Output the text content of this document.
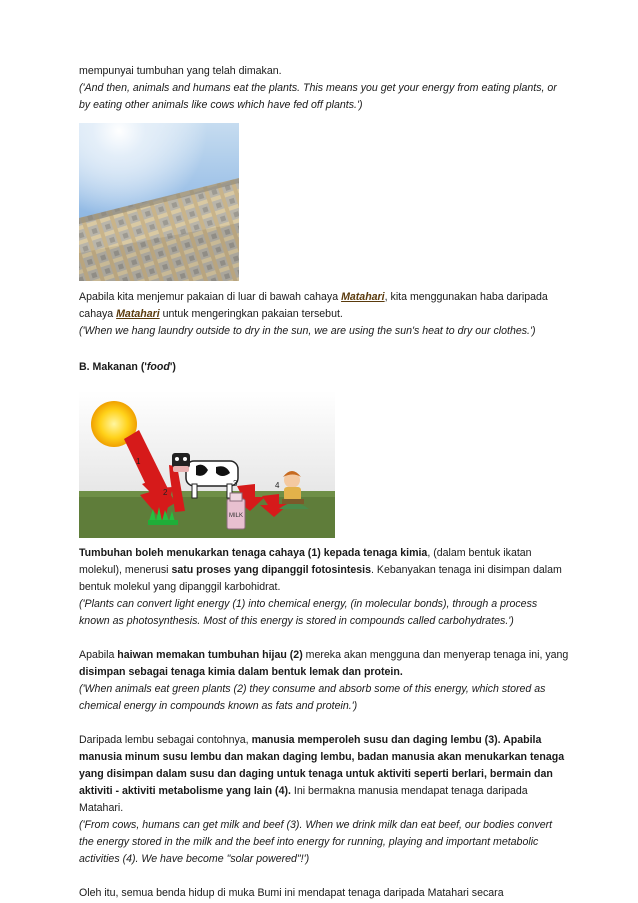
mempunyai tumbuhan yang telah dimakan.

('And then, animals and humans eat the plants. This means you get your energy from eating plants, or by eating other animals like cows which have fed off plants.')

Apabila kita menjemur pakaian di luar di bawah cahaya Matahari, kita menggunakan haba daripada cahaya Matahari untuk mengeringkan pakaian tersebut.

('When we hang laundry outside to dry in the sun, we are using the sun's heat to dry our clothes.')

B. Makanan ('food')

MILK
1
2
3	4

Tumbuhan boleh menukarkan tenaga cahaya (1) kepada tenaga kimia, (dalam bentuk ikatan molekul), menerusi satu proses yang dipanggil fotosintesis. Kebanyakan tenaga ini disimpan dalam bentuk molekul yang dipanggil karbohidrat.

('Plants can convert light energy (1) into chemical energy, (in molecular bonds), through a process known as photosynthesis. Most of this energy is stored in compounds called carbohydrates.')

Apabila haiwan memakan tumbuhan hijau (2) mereka akan mengguna dan menyerap tenaga ini, yang disimpan sebagai tenaga kimia dalam bentuk lemak dan protein.

('When animals eat green plants (2) they consume and absorb some of this energy, which stored as chemical energy in compounds known as fats and protein.')

Daripada lembu sebagai contohnya, manusia memperoleh susu dan daging lembu (3). Apabila manusia minum susu lembu dan makan daging lembu, badan manusia akan menukarkan tenaga yang disimpan dalam susu dan daging untuk tenaga untuk aktiviti seperti berlari, bermain dan aktiviti - aktiviti metabolisme yang lain (4). Ini bermakna manusia mendapat tenaga daripada Matahari.

('From cows, humans can get milk and beef (3). When we drink milk dan eat beef, our bodies convert the energy stored in the milk and the beef into energy for running, playing and important metabolic activities (4). We have become "solar powered"!')

Oleh itu, semua benda hidup di muka Bumi ini mendapat tenaga daripada Matahari secara
